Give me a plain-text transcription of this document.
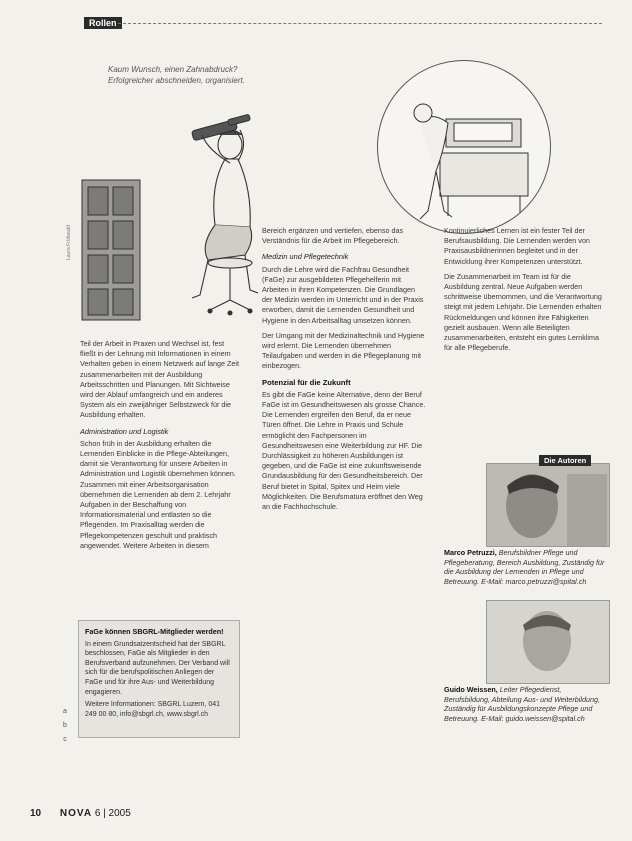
Rollen
Kaum Wunsch, einen Zahnabdruck? Erfolgreicher abschneiden, organisiert.
Laura Frühwald

Teil der Arbeit in Praxen und Wechsel ist, fest fließt in der Lehrung mit Informationen in einem Verhalten geben in einem Netzwerk auf lange Zeit zusammenarbeiten mit der Ausbildung Arbeitsschritten und Planungen. Mit Sichtweise wird der Ablauf umfangreich und ein anderes System als ein zweijähriger Selbstzweck für die Ausbildung erhalten.

Administration und Logistik

Schon früh in der Ausbildung erhalten die Lernenden Einblicke in die Pflege-Abteilungen, damit sie Verantwortung für unsere Arbeiten in Administration und Logistik übernehmen können. Zusammen mit einer Arbeitsorganisation übernehmen die Lernenden ab dem 2. Lehrjahr Aufgaben in der Beschaffung von Informationsmaterial und entlasten so die Pflegenden. Im Praxisalltag werden die Pflegekompetenzen geschult und praktisch angewendet. Weitere Arbeiten in diesem

Bereich ergänzen und vertiefen, ebenso das Verständnis für die Arbeit im Pflegebereich.

Medizin und Pflegetechnik

Durch die Lehre wird die Fachfrau Gesundheit (FaGe) zur ausgebildeten Pflegehelferin mit Arbeiten in ihren Kompetenzen. Die Grundlagen der Medizin werden im Unterricht und in der Praxis erworben, damit die Lernenden Gesundheit und Hygiene in den Arbeitsalltag umsetzen können.

Der Umgang mit der Medizinaltechnik und Hygiene wird erlernt. Die Lernenden übernehmen Teilaufgaben und werden in die Pflegeplanung mit einbezogen.

Potenzial für die Zukunft

Es gibt die FaGe keine Alternative, denn der Beruf FaGe ist im Gesundheitswesen als grosse Chance. Die Lernenden ergreifen den Beruf, da er neue Türen öffnet. Die Lehre in Praxis und Schule ermöglicht den Fachpersonen im Gesundheitswesen eine Weiterbildung zur HF. Die Durchlässigkeit zu höheren Ausbildungen ist gegeben, und die FaGe ist eine zukunftsweisende Grundausbildung für den Gesundheitsbereich. Der Beruf bietet in Spital, Spitex und Heim viele Möglichkeiten. Die Berufsmatura eröffnet den Weg an die Fachhochschule.

Kontinuierliches Lernen ist ein fester Teil der Berufsausbildung. Die Lernenden werden von Praxisausbildnerinnen begleitet und in der Entwicklung ihrer Kompetenzen unterstützt.

Die Zusammenarbeit im Team ist für die Ausbildung zentral. Neue Aufgaben werden schrittweise übernommen, und die Verantwortung steigt mit jedem Lehrjahr. Die Lernenden erhalten Rückmeldungen und können ihre Fähigkeiten gezielt ausbauen. Wenn alle Beteiligten zusammenarbeiten, entsteht ein gutes Lernklima für alle Pflegeberufe.

FaGe können SBGRL-Mitglieder werden!

In einem Grundsatzentscheid hat der SBGRL beschlossen, FaGe als Mitglieder in den Berufsverband aufzunehmen. Der Verband will sich für die berufspolitischen Anliegen der FaGe und für ihre Aus- und Weiterbildung engagieren.

Weitere Informationen: SBGRL Luzern, 041 249 00 80, info@sbgrl.ch, www.sbgrl.ch

Die Autoren
Marco Petruzzi, Berufsbildner Pflege und Pflegeberatung, Bereich Ausbildung, Zuständig für die Ausbildung der Lernenden in Pflege und Betreuung. E-Mail: marco.petruzzi@spital.ch
Guido Weissen, Leiter Pflegedienst, Berufsbildung, Abteilung Aus- und Weiterbildung, Zuständig für Ausbildungskonzepte Pflege und Betreuung. E-Mail: guido.weissen@spital.ch
a
b
c
10 NOVA 6 | 2005
